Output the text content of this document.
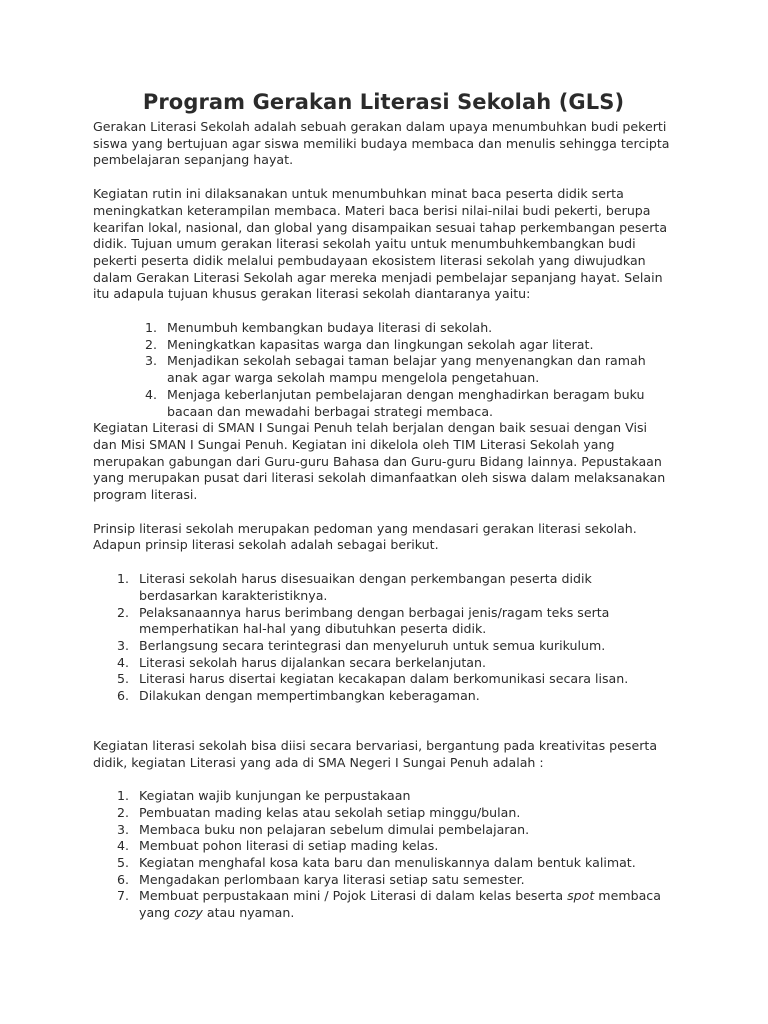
Program Gerakan Literasi Sekolah (GLS)

Gerakan Literasi Sekolah adalah sebuah gerakan dalam upaya menumbuhkan budi pekerti siswa yang bertujuan agar siswa memiliki budaya membaca dan menulis sehingga tercipta pembelajaran sepanjang hayat.

Kegiatan rutin ini dilaksanakan untuk menumbuhkan minat baca peserta didik serta meningkatkan keterampilan membaca. Materi baca berisi nilai-nilai budi pekerti, berupa kearifan lokal, nasional, dan global yang disampaikan sesuai tahap perkembangan peserta didik. Tujuan umum gerakan literasi sekolah yaitu untuk menumbuhkembangkan budi pekerti peserta didik melalui pembudayaan ekosistem literasi sekolah yang diwujudkan dalam Gerakan Literasi Sekolah agar mereka menjadi pembelajar sepanjang hayat. Selain itu adapula tujuan khusus gerakan literasi sekolah diantaranya yaitu:

1. Menumbuh kembangkan budaya literasi di sekolah.
2. Meningkatkan kapasitas warga dan lingkungan sekolah agar literat.
3. Menjadikan sekolah sebagai taman belajar yang menyenangkan dan ramah anak agar warga sekolah mampu mengelola pengetahuan.
4. Menjaga keberlanjutan pembelajaran dengan menghadirkan beragam buku bacaan dan mewadahi berbagai strategi membaca.

Kegiatan Literasi di SMAN I Sungai Penuh telah berjalan dengan baik sesuai dengan Visi dan Misi SMAN I Sungai Penuh. Kegiatan ini dikelola oleh TIM Literasi Sekolah yang merupakan gabungan dari Guru-guru Bahasa dan Guru-guru Bidang lainnya. Pepustakaan yang merupakan pusat dari literasi sekolah dimanfaatkan oleh siswa dalam melaksanakan program literasi.

Prinsip literasi sekolah merupakan pedoman yang mendasari gerakan literasi sekolah. Adapun prinsip literasi sekolah adalah sebagai berikut.

1. Literasi sekolah harus disesuaikan dengan perkembangan peserta didik berdasarkan karakteristiknya.
2. Pelaksanaannya harus berimbang dengan berbagai jenis/ragam teks serta memperhatikan hal-hal yang dibutuhkan peserta didik.
3. Berlangsung secara terintegrasi dan menyeluruh untuk semua kurikulum.
4. Literasi sekolah harus dijalankan secara berkelanjutan.
5. Literasi harus disertai kegiatan kecakapan dalam berkomunikasi secara lisan.
6. Dilakukan dengan mempertimbangkan keberagaman.

Kegiatan literasi sekolah bisa diisi secara bervariasi, bergantung pada kreativitas peserta didik, kegiatan Literasi yang ada di SMA Negeri I Sungai Penuh adalah :

1. Kegiatan wajib kunjungan ke perpustakaan
2. Pembuatan mading kelas atau sekolah setiap minggu/bulan.
3. Membaca buku non pelajaran sebelum dimulai pembelajaran.
4. Membuat pohon literasi di setiap mading kelas.
5. Kegiatan menghafal kosa kata baru dan menuliskannya dalam bentuk kalimat.
6. Mengadakan perlombaan karya literasi setiap satu semester.
7. Membuat perpustakaan mini / Pojok Literasi di dalam kelas beserta spot membaca yang cozy atau nyaman.
